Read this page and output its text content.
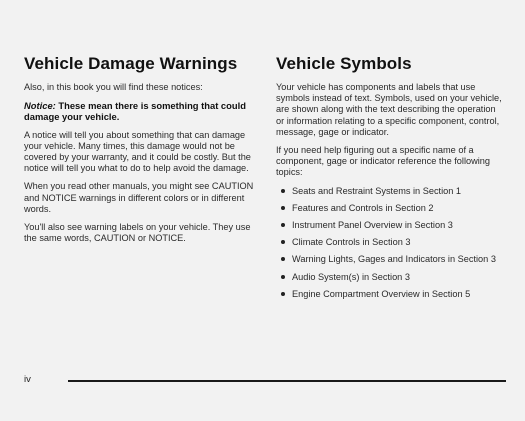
Vehicle Damage Warnings

Also, in this book you will find these notices:

Notice: These mean there is something that could damage your vehicle.

A notice will tell you about something that can damage your vehicle. Many times, this damage would not be covered by your warranty, and it could be costly. But the notice will tell you what to do to help avoid the damage.

When you read other manuals, you might see CAUTION and NOTICE warnings in different colors or in different words.

You'll also see warning labels on your vehicle. They use the same words, CAUTION or NOTICE.

Vehicle Symbols

Your vehicle has components and labels that use symbols instead of text. Symbols, used on your vehicle, are shown along with the text describing the operation or information relating to a specific component, control, message, gage or indicator.

If you need help figuring out a specific name of a component, gage or indicator reference the following topics:

Seats and Restraint Systems in Section 1
Features and Controls in Section 2
Instrument Panel Overview in Section 3
Climate Controls in Section 3
Warning Lights, Gages and Indicators in Section 3
Audio System(s) in Section 3
Engine Compartment Overview in Section 5
iv
